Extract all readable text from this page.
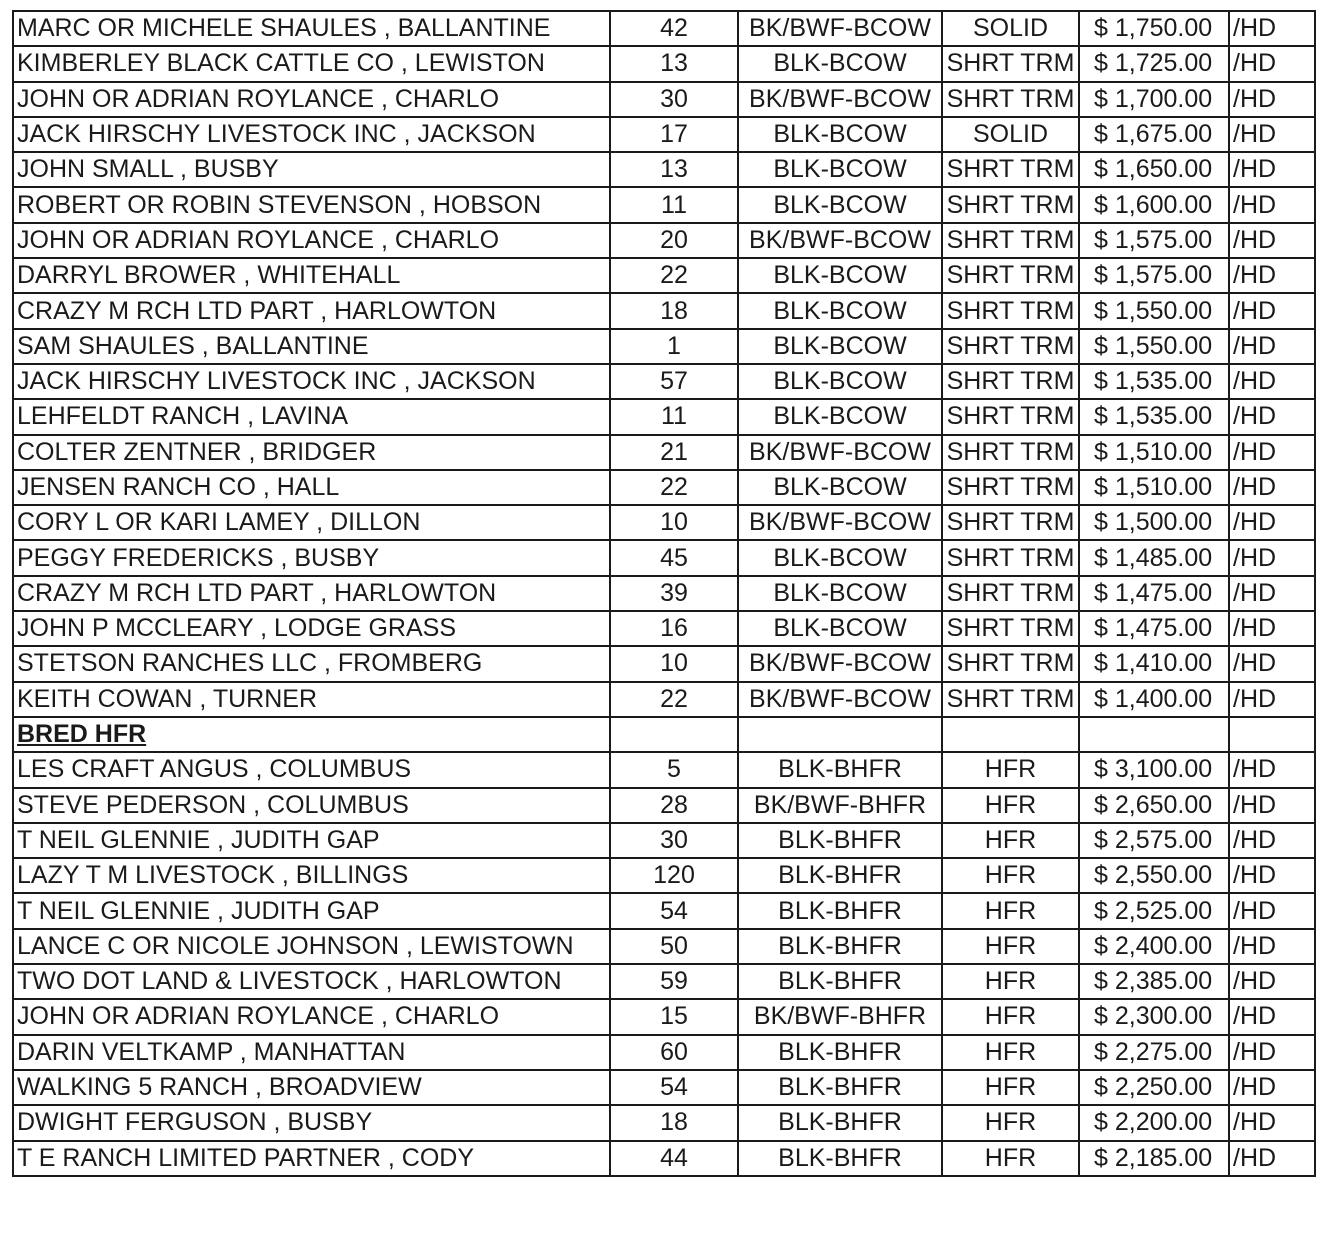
MARC OR MICHELE SHAULES , BALLANTINE	42	BK/BWF-BCOW	SOLID	$ 1,750.00	/HD
KIMBERLEY BLACK CATTLE CO , LEWISTON	13	BLK-BCOW	SHRT TRM	$ 1,725.00	/HD
JOHN OR ADRIAN ROYLANCE , CHARLO	30	BK/BWF-BCOW	SHRT TRM	$ 1,700.00	/HD
JACK HIRSCHY LIVESTOCK INC , JACKSON	17	BLK-BCOW	SOLID	$ 1,675.00	/HD
JOHN SMALL , BUSBY	13	BLK-BCOW	SHRT TRM	$ 1,650.00	/HD
ROBERT OR ROBIN STEVENSON , HOBSON	11	BLK-BCOW	SHRT TRM	$ 1,600.00	/HD
JOHN OR ADRIAN ROYLANCE , CHARLO	20	BK/BWF-BCOW	SHRT TRM	$ 1,575.00	/HD
DARRYL BROWER , WHITEHALL	22	BLK-BCOW	SHRT TRM	$ 1,575.00	/HD
CRAZY M RCH LTD PART , HARLOWTON	18	BLK-BCOW	SHRT TRM	$ 1,550.00	/HD
SAM SHAULES , BALLANTINE	1	BLK-BCOW	SHRT TRM	$ 1,550.00	/HD
JACK HIRSCHY LIVESTOCK INC , JACKSON	57	BLK-BCOW	SHRT TRM	$ 1,535.00	/HD
LEHFELDT RANCH , LAVINA	11	BLK-BCOW	SHRT TRM	$ 1,535.00	/HD
COLTER ZENTNER , BRIDGER	21	BK/BWF-BCOW	SHRT TRM	$ 1,510.00	/HD
JENSEN RANCH CO , HALL	22	BLK-BCOW	SHRT TRM	$ 1,510.00	/HD
CORY L OR KARI LAMEY , DILLON	10	BK/BWF-BCOW	SHRT TRM	$ 1,500.00	/HD
PEGGY FREDERICKS , BUSBY	45	BLK-BCOW	SHRT TRM	$ 1,485.00	/HD
CRAZY M RCH LTD PART , HARLOWTON	39	BLK-BCOW	SHRT TRM	$ 1,475.00	/HD
JOHN P MCCLEARY , LODGE GRASS	16	BLK-BCOW	SHRT TRM	$ 1,475.00	/HD
STETSON RANCHES LLC , FROMBERG	10	BK/BWF-BCOW	SHRT TRM	$ 1,410.00	/HD
KEITH COWAN , TURNER	22	BK/BWF-BCOW	SHRT TRM	$ 1,400.00	/HD
BRED HFR					
LES CRAFT ANGUS , COLUMBUS	5	BLK-BHFR	HFR	$ 3,100.00	/HD
STEVE PEDERSON , COLUMBUS	28	BK/BWF-BHFR	HFR	$ 2,650.00	/HD
T NEIL GLENNIE , JUDITH GAP	30	BLK-BHFR	HFR	$ 2,575.00	/HD
LAZY T M LIVESTOCK , BILLINGS	120	BLK-BHFR	HFR	$ 2,550.00	/HD
T NEIL GLENNIE , JUDITH GAP	54	BLK-BHFR	HFR	$ 2,525.00	/HD
LANCE C OR NICOLE JOHNSON , LEWISTOWN	50	BLK-BHFR	HFR	$ 2,400.00	/HD
TWO DOT LAND & LIVESTOCK , HARLOWTON	59	BLK-BHFR	HFR	$ 2,385.00	/HD
JOHN OR ADRIAN ROYLANCE , CHARLO	15	BK/BWF-BHFR	HFR	$ 2,300.00	/HD
DARIN VELTKAMP , MANHATTAN	60	BLK-BHFR	HFR	$ 2,275.00	/HD
WALKING 5 RANCH , BROADVIEW	54	BLK-BHFR	HFR	$ 2,250.00	/HD
DWIGHT FERGUSON , BUSBY	18	BLK-BHFR	HFR	$ 2,200.00	/HD
T E RANCH LIMITED PARTNER , CODY	44	BLK-BHFR	HFR	$ 2,185.00	/HD
